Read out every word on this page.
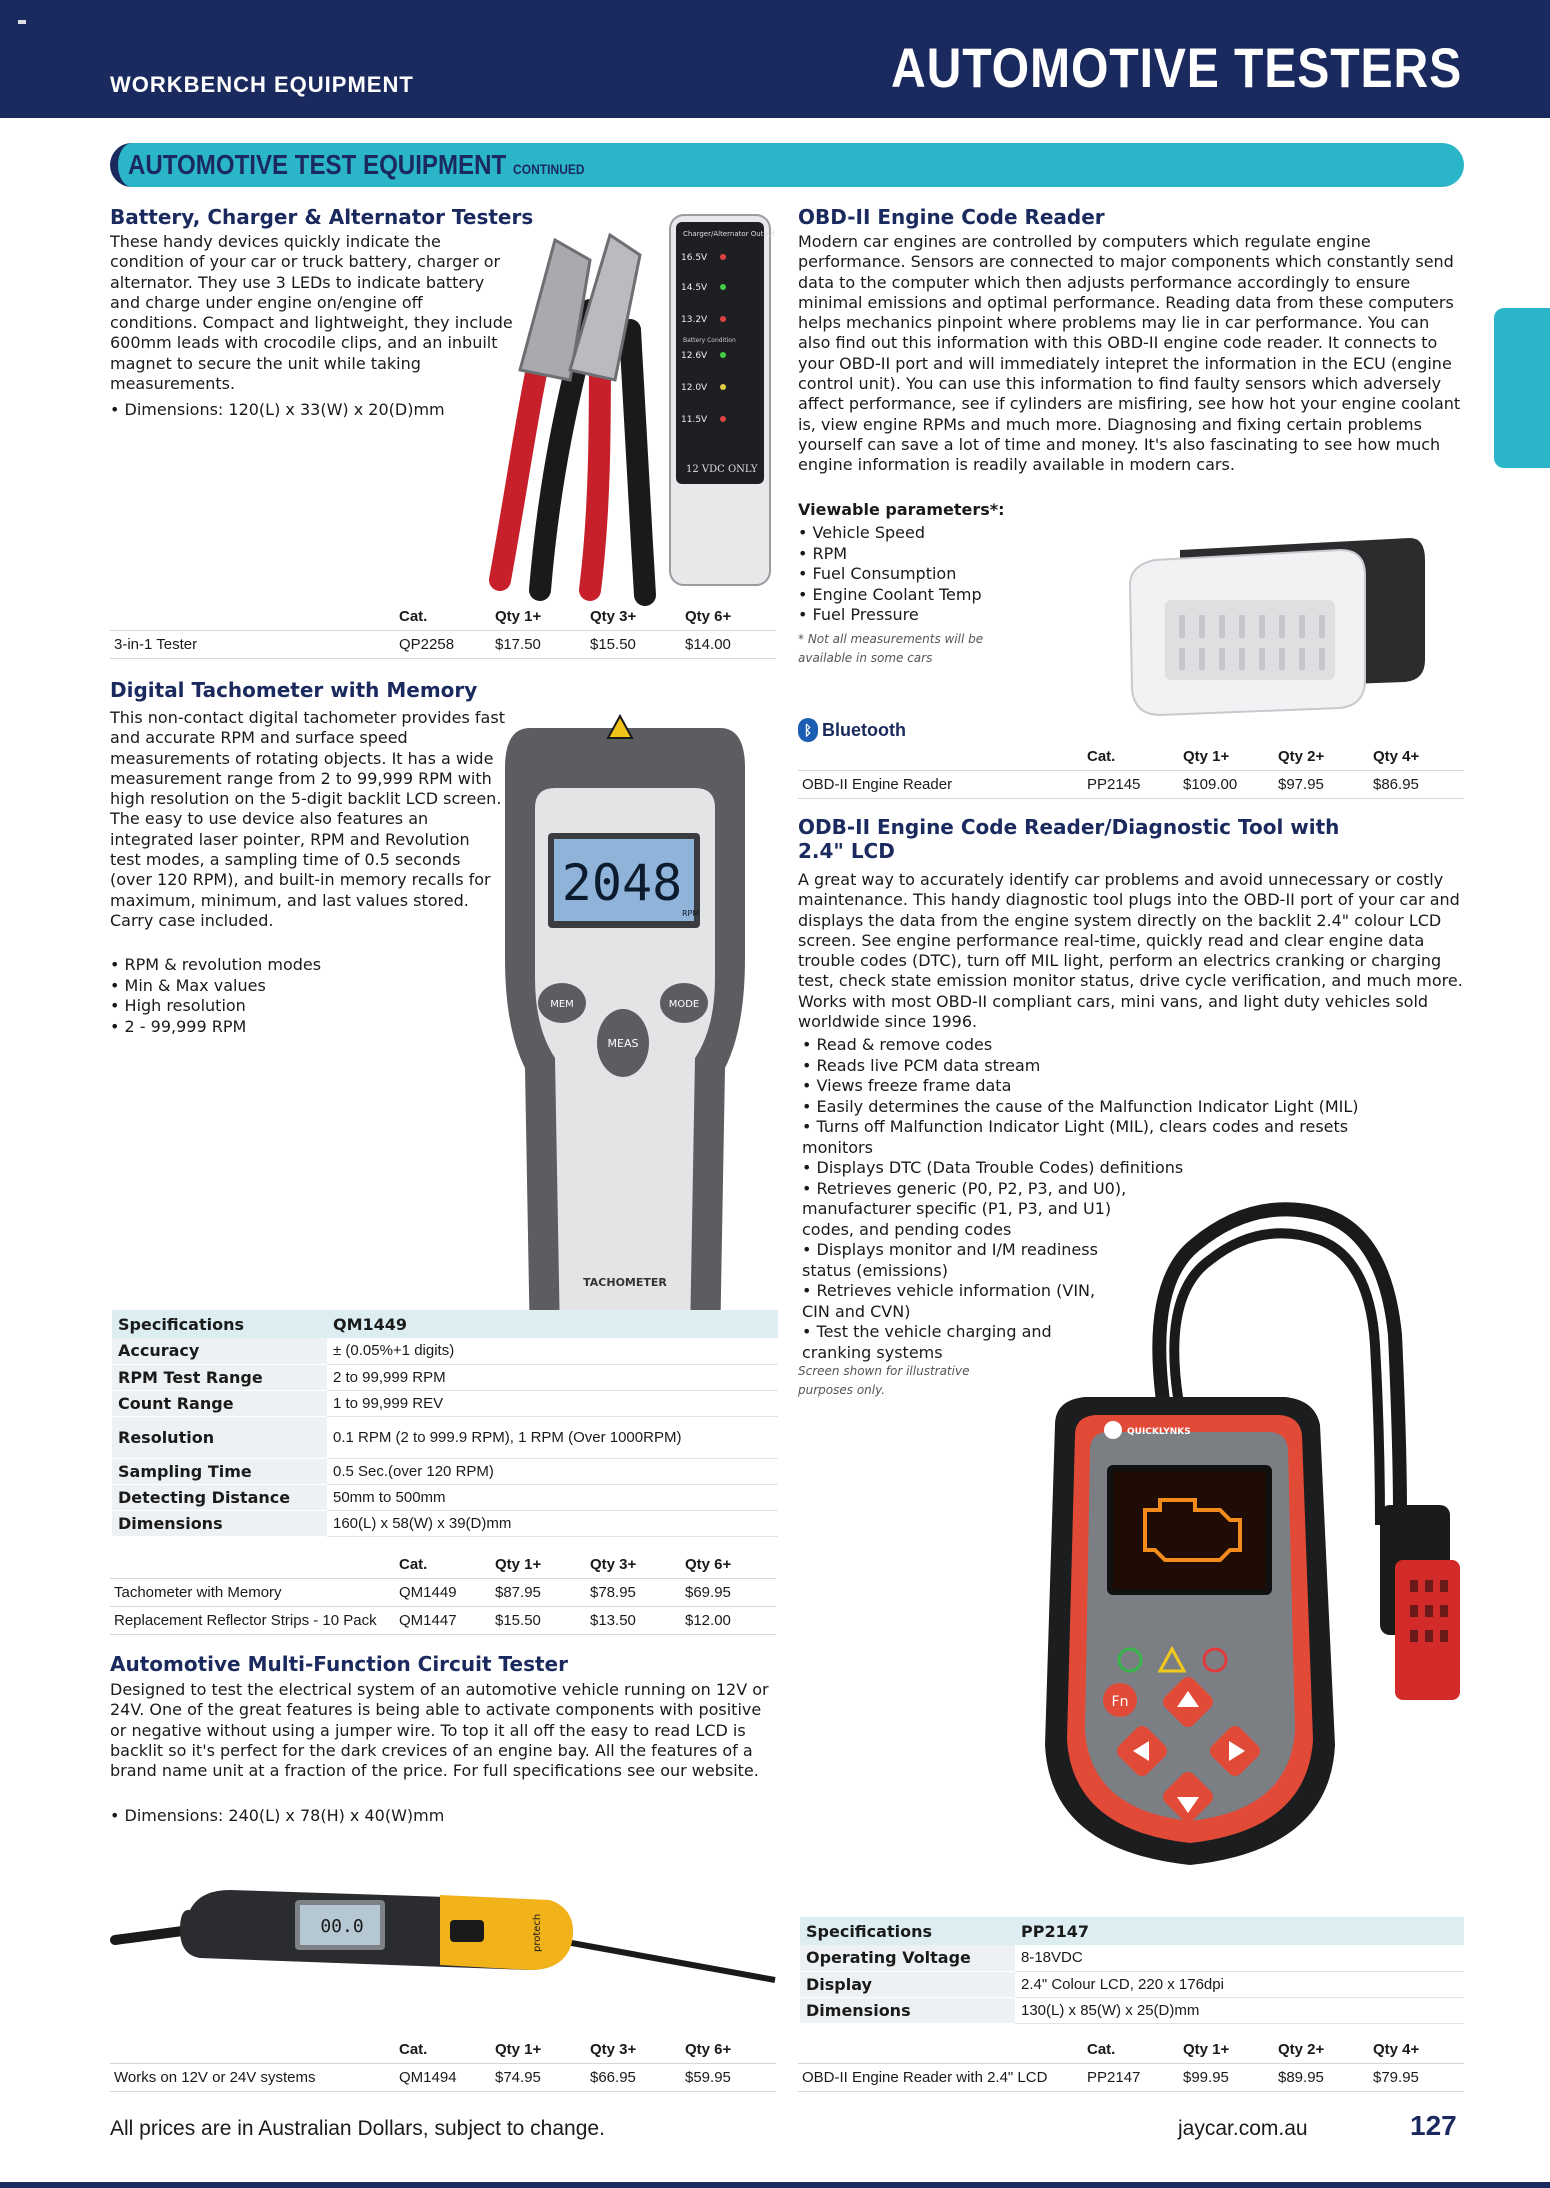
WORKBENCH EQUIPMENT	AUTOMOTIVE TESTERS
AUTOMOTIVE TEST EQUIPMENT CONTINUED
Battery, Charger & Alternator Testers
These handy devices quickly indicate the condition of your car or truck battery, charger or alternator. They use 3 LEDs to indicate battery and charge under engine on/engine off conditions. Compact and lightweight, they include 600mm leads with crocodile clips, and an inbuilt magnet to secure the unit while taking measurements.
• Dimensions: 120(L) x 33(W) x 20(D)mm
Charger/Alternator Output
16.5V
14.5V
13.2V
Battery Condition
12.6V
12.0V
11.5V
12 VDC ONLY
	Cat.	Qty 1+	Qty 3+	Qty 6+
3-in-1 Tester	QP2258	$17.50	$15.50	$14.00
Digital Tachometer with Memory
This non-contact digital tachometer provides fast and accurate RPM and surface speed measurements of rotating objects. It has a wide measurement range from 2 to 99,999 RPM with high resolution on the 5-digit backlit LCD screen. The easy to use device also features an integrated laser pointer, RPM and Revolution test modes, a sampling time of 0.5 seconds (over 120 RPM), and built-in memory recalls for maximum, minimum, and last values stored. Carry case included.
• RPM & revolution modes
• Min & Max values
• High resolution
• 2 - 99,999 RPM
2048
RPM
MEM	MODE
MEAS
TACHOMETER
Specifications	QM1449
Accuracy	± (0.05%+1 digits)
RPM Test Range	2 to 99,999 RPM
Count Range	1 to 99,999 REV
Resolution	0.1 RPM (2 to 999.9 RPM), 1 RPM (Over 1000RPM)
Sampling Time	0.5 Sec.(over 120 RPM)
Detecting Distance	50mm to 500mm
Dimensions	160(L) x 58(W) x 39(D)mm
	Cat.	Qty 1+	Qty 3+	Qty 6+
Tachometer with Memory	QM1449	$87.95	$78.95	$69.95
Replacement Reflector Strips - 10 Pack	QM1447	$15.50	$13.50	$12.00
Automotive Multi-Function Circuit Tester
Designed to test the electrical system of an automotive vehicle running on 12V or 24V. One of the great features is being able to activate components with positive or negative without using a jumper wire. To top it all off the easy to read LCD is backlit so it's perfect for the dark crevices of an engine bay. All the features of a brand name unit at a fraction of the price. For full specifications see our website.
• Dimensions: 240(L) x 78(H) x 40(W)mm
00.0	protech
	Cat.	Qty 1+	Qty 3+	Qty 6+
Works on 12V or 24V systems	QM1494	$74.95	$66.95	$59.95
OBD-II Engine Code Reader
Modern car engines are controlled by computers which regulate engine performance. Sensors are connected to major components which constantly send data to the computer which then adjusts performance accordingly to ensure minimal emissions and optimal performance. Reading data from these computers helps mechanics pinpoint where problems may lie in car performance. You can also find out this information with this OBD-II engine code reader. It connects to your OBD-II port and will immediately intepret the information in the ECU (engine control unit). You can use this information to find faulty sensors which adversely affect performance, see if cylinders are misfiring, see how hot your engine coolant is, view engine RPMs and much more. Diagnosing and fixing certain problems yourself can save a lot of time and money. It's also fascinating to see how much engine information is readily available in modern cars.
Viewable parameters*:
• Vehicle Speed
• RPM
• Fuel Consumption
• Engine Coolant Temp
• Fuel Pressure
* Not all measurements will be available in some cars
ᛒ Bluetooth
	Cat.	Qty 1+	Qty 2+	Qty 4+
OBD-II Engine Reader	PP2145	$109.00	$97.95	$86.95
ODB-II Engine Code Reader/Diagnostic Tool with 2.4" LCD
A great way to accurately identify car problems and avoid unnecessary or costly maintenance. This handy diagnostic tool plugs into the OBD-II port of your car and displays the data from the engine system directly on the backlit 2.4" colour LCD screen. See engine performance real-time, quickly read and clear engine data trouble codes (DTC), turn off MIL light, perform an electrics cranking or charging test, check state emission monitor status, drive cycle verification, and much more. Works with most OBD-II compliant cars, mini vans, and light duty vehicles sold worldwide since 1996.
• Read & remove codes
• Reads live PCM data stream
• Views freeze frame data
• Easily determines the cause of the Malfunction Indicator Light (MIL)
• Turns off Malfunction Indicator Light (MIL), clears codes and resets monitors
• Displays DTC (Data Trouble Codes) definitions
• Retrieves generic (P0, P2, P3, and U0), manufacturer specific (P1, P3, and U1) codes, and pending codes
• Displays monitor and I/M readiness status (emissions)
• Retrieves vehicle information (VIN, CIN and CVN)
• Test the vehicle charging and cranking systems
Screen shown for illustrative purposes only.
QUICKLYNKS
Fn
Specifications	PP2147
Operating Voltage	8-18VDC
Display	2.4" Colour LCD, 220 x 176dpi
Dimensions	130(L) x 85(W) x 25(D)mm
	Cat.	Qty 1+	Qty 2+	Qty 4+
OBD-II Engine Reader with 2.4" LCD	PP2147	$99.95	$89.95	$79.95
All prices are in Australian Dollars, subject to change.	jaycar.com.au	127
